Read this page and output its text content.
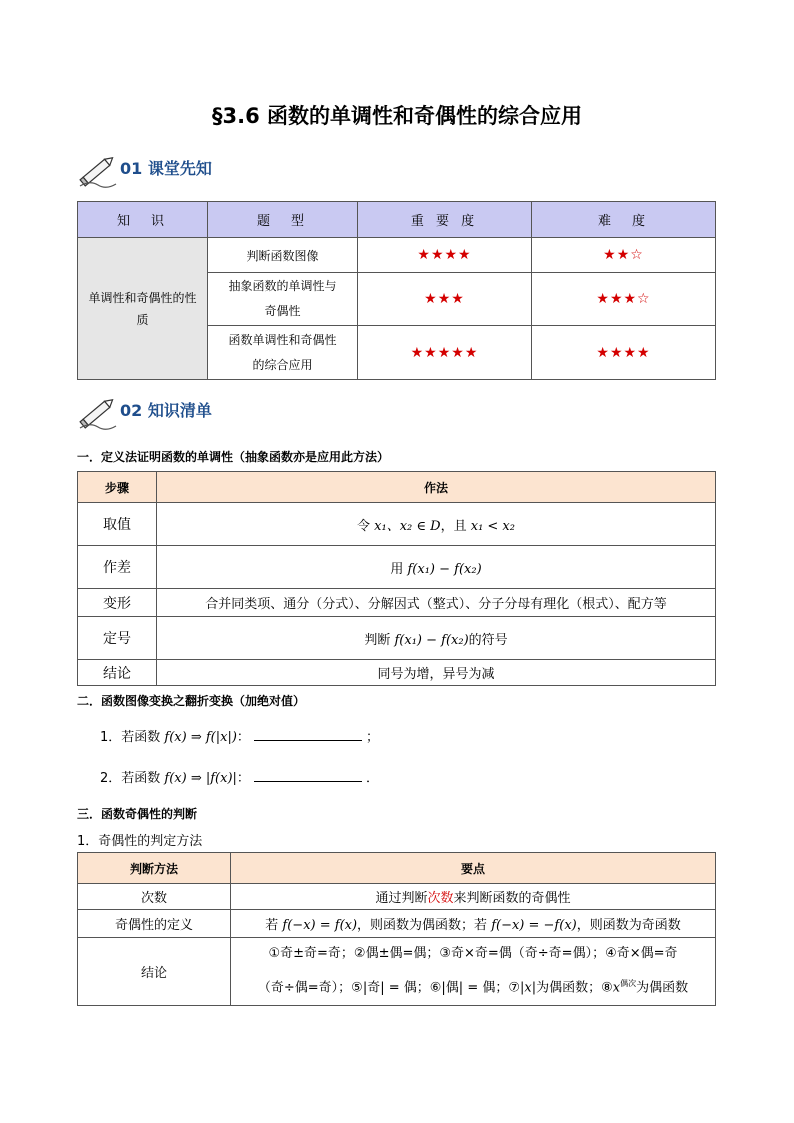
§3.6 函数的单调性和奇偶性的综合应用
01 课堂先知
知　识	题　型	重 要 度	难　度

单调性和奇偶性的性质	判断函数图像	★★★★	★★☆

	抽象函数的单调性与奇偶性	★★★	★★★☆

	函数单调性和奇偶性的综合应用	★★★★★	★★★★
02 知识清单
一．定义法证明函数的单调性（抽象函数亦是应用此方法）
步骤	作法
取值	令 x₁、x₂ ∈ D，且 x₁ < x₂
作差	用 f(x₁) − f(x₂)
变形	合并同类项、通分（分式）、分解因式（整式）、分子分母有理化（根式）、配方等
定号	判断 f(x₁) − f(x₂)的符号
结论	同号为增，异号为减
二．函数图像变换之翻折变换（加绝对值）
1．若函数 f(x) ⇒ f(|x|)：	；
2．若函数 f(x) ⇒ |f(x)|：	．
三．函数奇偶性的判断
1．奇偶性的判定方法
判断方法	要点
次数	通过判断次数来判断函数的奇偶性
奇偶性的定义	若 f(−x) = f(x)，则函数为偶函数；若 f(−x) = −f(x)，则函数为奇函数
结论	①奇±奇=奇；②偶±偶=偶；③奇×奇=偶（奇÷奇=偶）；④奇×偶=奇
（奇÷偶=奇）；⑤|奇| = 偶；⑥|偶| = 偶；⑦|x|为偶函数；$⑧x^{偶次}$为偶函数
